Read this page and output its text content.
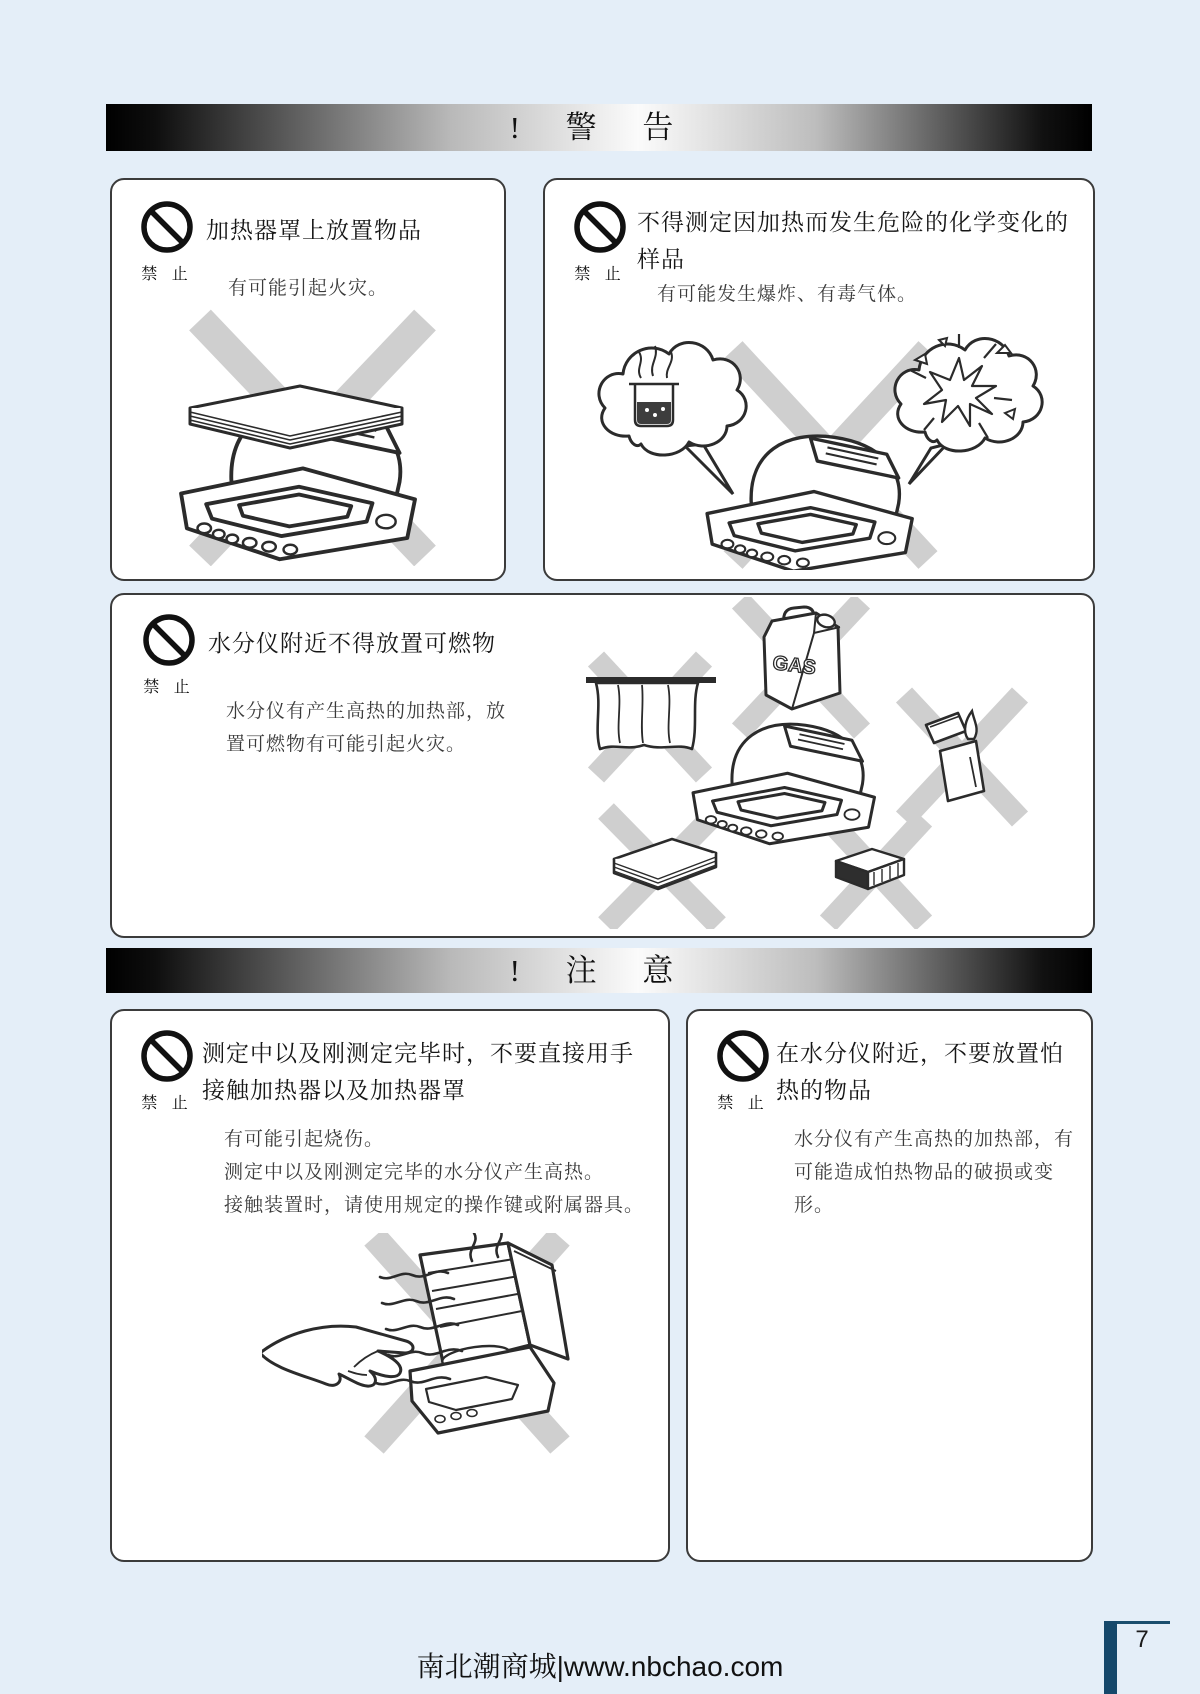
! 警 告
禁 止
加热器罩上放置物品
有可能引起火灾。
禁 止
不得测定因加热而发生危险的化学变化的样品
有可能发生爆炸、有毒气体。
禁 止
水分仪附近不得放置可燃物
水分仪有产生高热的加热部，放置可燃物有可能引起火灾。
GAS
! 注 意
禁 止
测定中以及刚测定完毕时，不要直接用手接触加热器以及加热器罩
有可能引起烧伤。
测定中以及刚测定完毕的水分仪产生高热。
接触装置时，请使用规定的操作键或附属器具。
禁 止
在水分仪附近，不要放置怕热的物品
水分仪有产生高热的加热部，有可能造成怕热物品的破损或变形。
南北潮商城|www.nbchao.com
7
